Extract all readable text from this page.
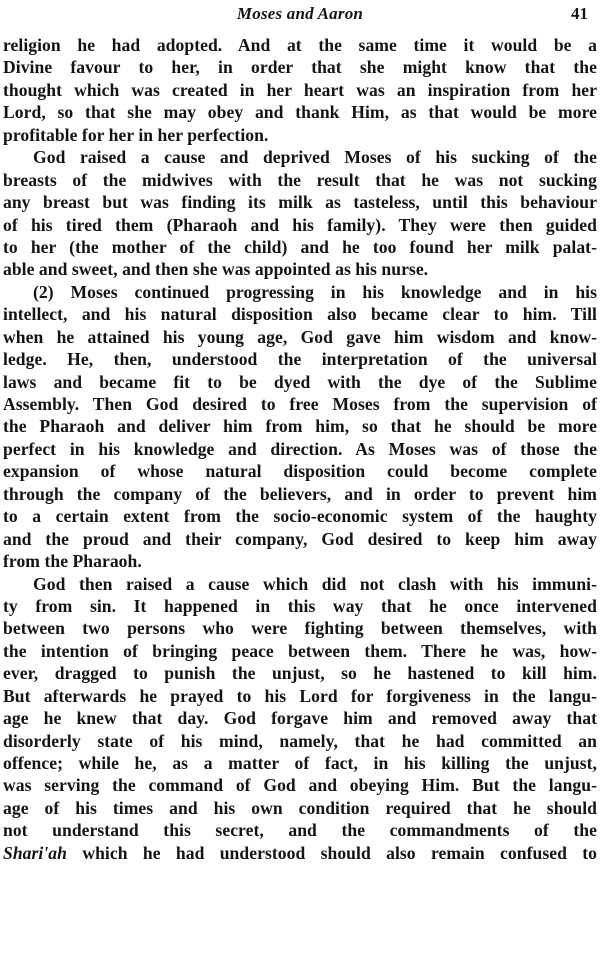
Moses and Aaron	41
religion he had adopted. And at the same time it would be a
Divine favour to her, in order that she might know that the
thought which was created in her heart was an inspiration from her
Lord, so that she may obey and thank Him, as that would be more
profitable for her in her perfection.
God raised a cause and deprived Moses of his sucking of the
breasts of the midwives with the result that he was not sucking
any breast but was finding its milk as tasteless, until this behaviour
of his tired them (Pharaoh and his family). They were then guided
to her (the mother of the child) and he too found her milk palat-
able and sweet, and then she was appointed as his nurse.
(2) Moses continued progressing in his knowledge and in his
intellect, and his natural disposition also became clear to him. Till
when he attained his young age, God gave him wisdom and know-
ledge. He, then, understood the interpretation of the universal
laws and became fit to be dyed with the dye of the Sublime
Assembly. Then God desired to free Moses from the supervision of
the Pharaoh and deliver him from him, so that he should be more
perfect in his knowledge and direction. As Moses was of those the
expansion of whose natural disposition could become complete
through the company of the believers, and in order to prevent him
to a certain extent from the socio-economic system of the haughty
and the proud and their company, God desired to keep him away
from the Pharaoh.
God then raised a cause which did not clash with his immuni-
ty from sin. It happened in this way that he once intervened
between two persons who were fighting between themselves, with
the intention of bringing peace between them. There he was, how-
ever, dragged to punish the unjust, so he hastened to kill him.
But afterwards he prayed to his Lord for forgiveness in the langu-
age he knew that day. God forgave him and removed away that
disorderly state of his mind, namely, that he had committed an
offence; while he, as a matter of fact, in his killing the unjust,
was serving the command of God and obeying Him. But the langu-
age of his times and his own condition required that he should
not understand this secret, and the commandments of the
Shari'ah which he had understood should also remain confused to
